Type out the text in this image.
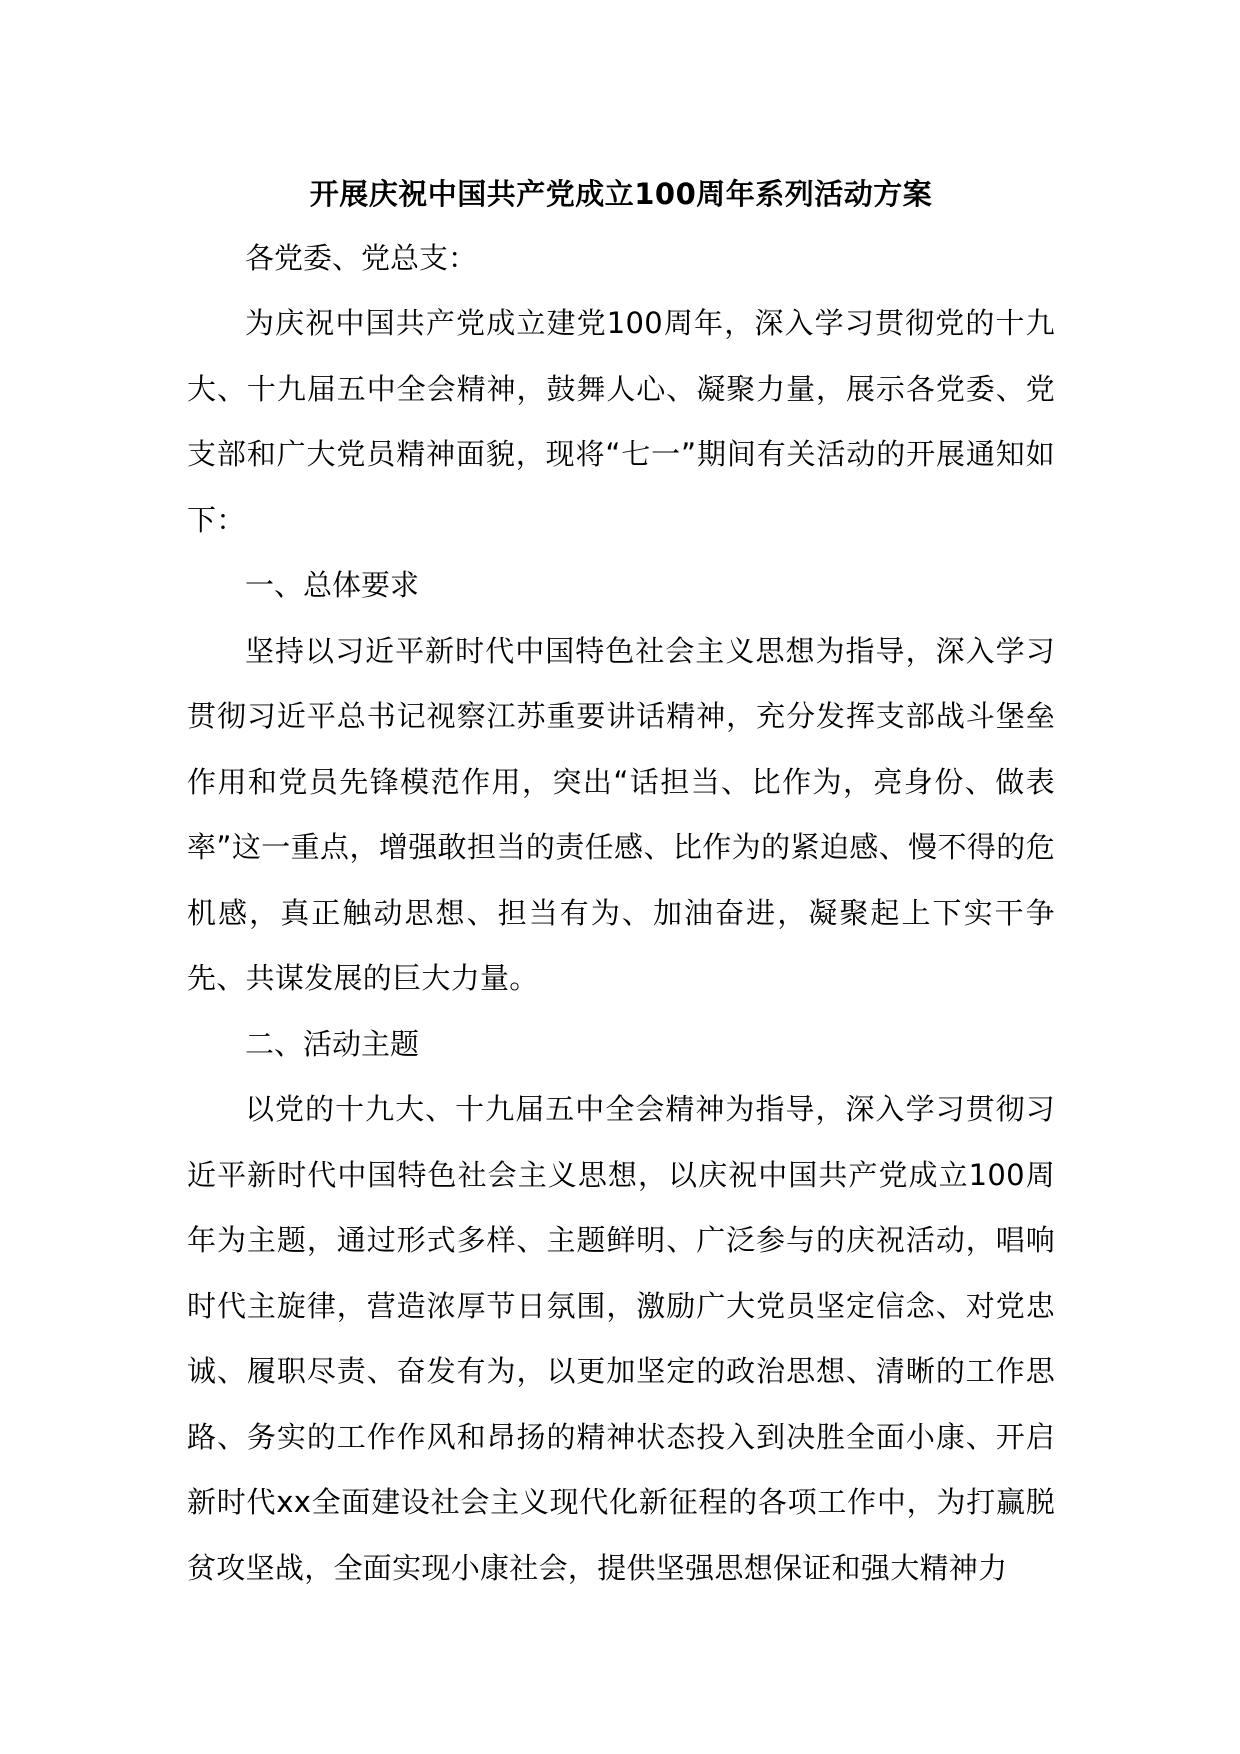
开展庆祝中国共产党成立100周年系列活动方案

各党委、党总支：

为庆祝中国共产党成立建党100周年，深入学习贯彻党的十九大、十九届五中全会精神，鼓舞人心、凝聚力量，展示各党委、党支部和广大党员精神面貌，现将“七一”期间有关活动的开展通知如下：

一、总体要求

坚持以习近平新时代中国特色社会主义思想为指导，深入学习贯彻习近平总书记视察江苏重要讲话精神，充分发挥支部战斗堡垒作用和党员先锋模范作用，突出“话担当、比作为，亮身份、做表率”这一重点，增强敢担当的责任感、比作为的紧迫感、慢不得的危机感，真正触动思想、担当有为、加油奋进，凝聚起上下实干争先、共谋发展的巨大力量。

二、活动主题

以党的十九大、十九届五中全会精神为指导，深入学习贯彻习近平新时代中国特色社会主义思想，以庆祝中国共产党成立100周年为主题，通过形式多样、主题鲜明、广泛参与的庆祝活动，唱响时代主旋律，营造浓厚节日氛围，激励广大党员坚定信念、对党忠诚、履职尽责、奋发有为，以更加坚定的政治思想、清晰的工作思路、务实的工作作风和昂扬的精神状态投入到决胜全面小康、开启新时代xx全面建设社会主义现代化新征程的各项工作中，为打赢脱贫攻坚战，全面实现小康社会，提供坚强思想保证和强大精神力
